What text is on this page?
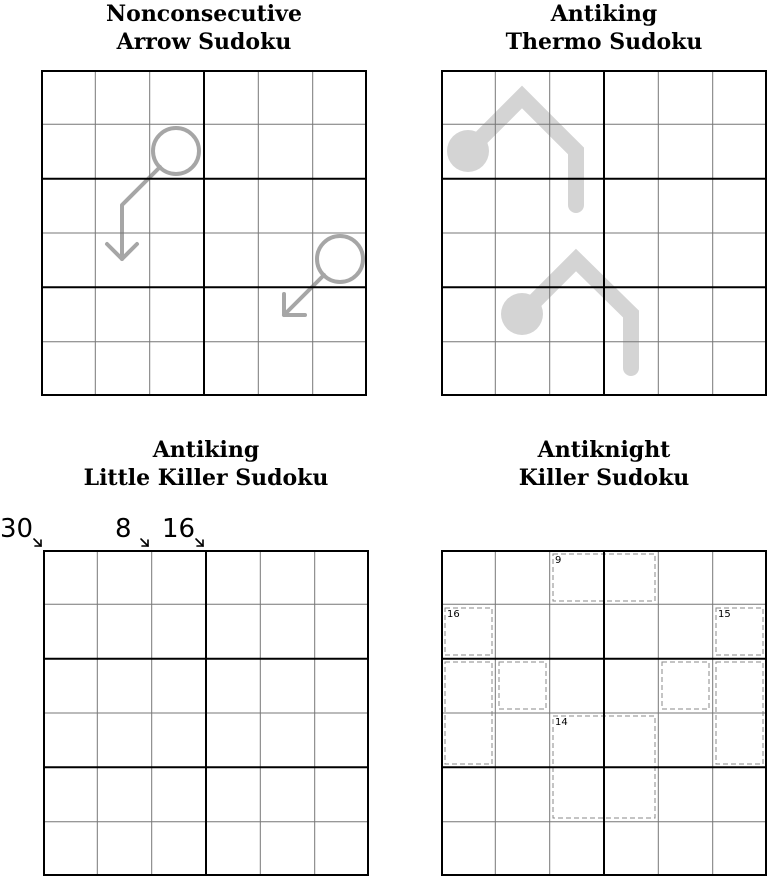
Nonconsecutive
Arrow Sudoku
Antiking
Thermo Sudoku
Antiking
Little Killer Sudoku
30	8 16
Antiknight
Killer Sudoku
9
16	15
14
